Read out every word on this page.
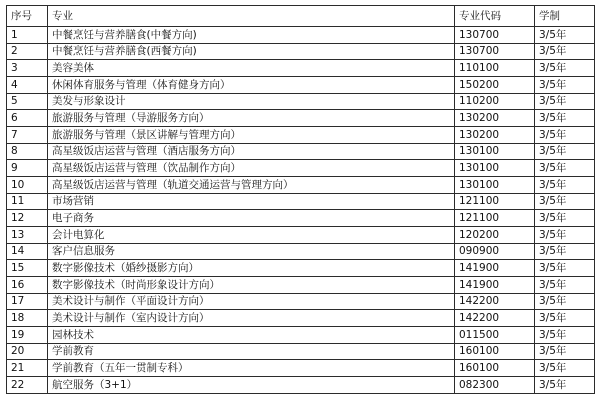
序号	专业	专业代码	学制
1	中餐烹饪与营养膳食(中餐方向)	130700	3/5年
2	中餐烹饪与营养膳食(西餐方向)	130700	3/5年
3	美容美体	110100	3/5年
4	休闲体育服务与管理（体育健身方向）	150200	3/5年
5	美发与形象设计	110200	3/5年
6	旅游服务与管理（导游服务方向）	130200	3/5年
7	旅游服务与管理（景区讲解与管理方向）	130200	3/5年
8	高星级饭店运营与管理（酒店服务方向）	130100	3/5年
9	高星级饭店运营与管理（饮品制作方向）	130100	3/5年
10	高星级饭店运营与管理（轨道交通运营与管理方向）	130100	3/5年
11	市场营销	121100	3/5年
12	电子商务	121100	3/5年
13	会计电算化	120200	3/5年
14	客户信息服务	090900	3/5年
15	数字影像技术（婚纱摄影方向）	141900	3/5年
16	数字影像技术（时尚形象设计方向）	141900	3/5年
17	美术设计与制作（平面设计方向）	142200	3/5年
18	美术设计与制作（室内设计方向）	142200	3/5年
19	园林技术	011500	3/5年
20	学前教育	160100	3/5年
21	学前教育（五年一贯制专科）	160100	3/5年
22	航空服务（3+1）	082300	3/5年
